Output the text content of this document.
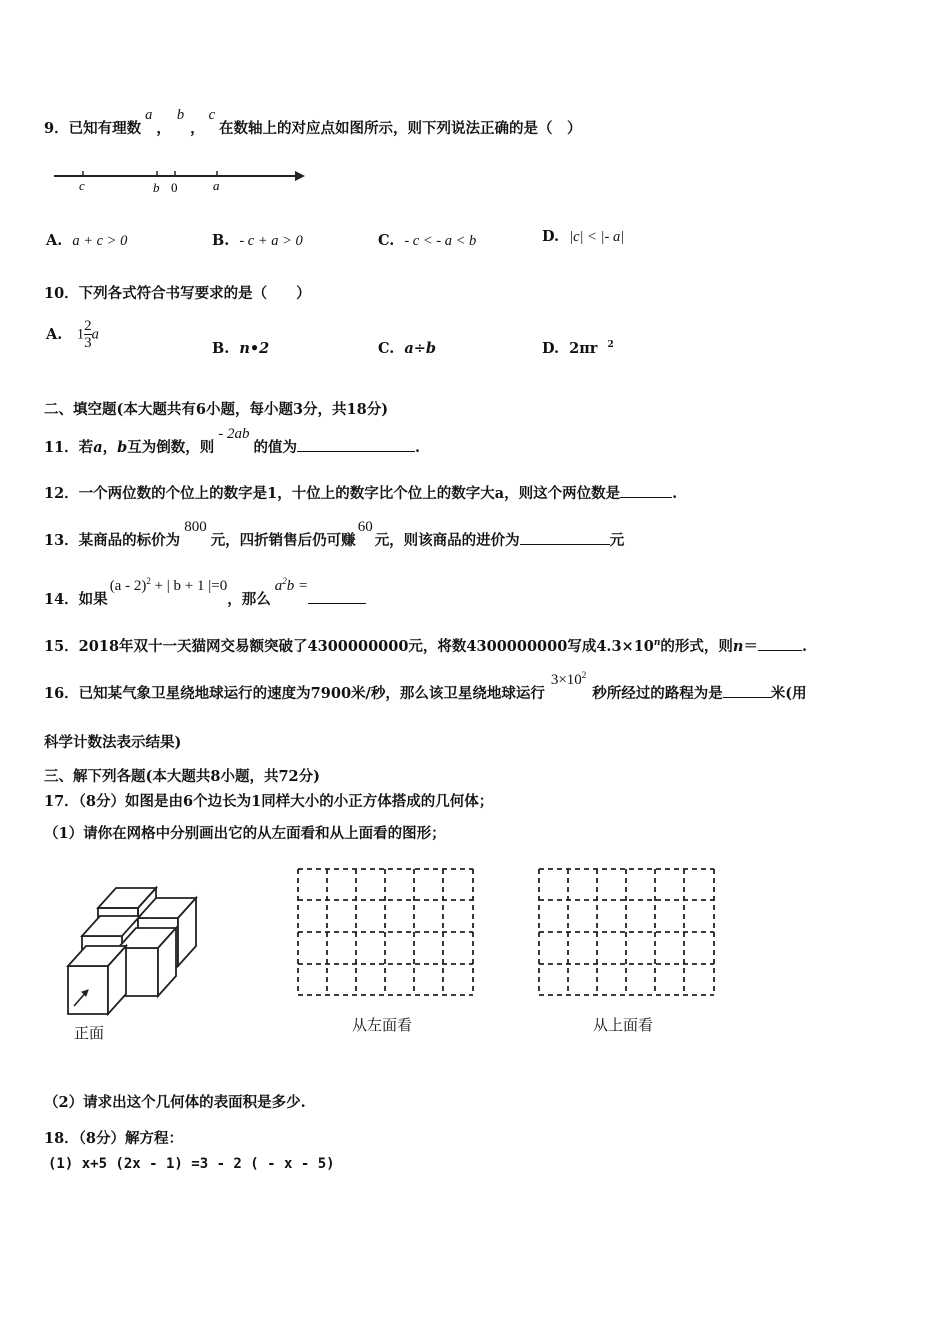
9．已知有理数a，b，c在数轴上的对应点如图所示，则下列说法正确的是（　）
c	b 0	a
A. a + c > 0	B. - c + a > 0	C. - c < - a < b	D. |c| < |- a|
10．下列各式符合书写要求的是（　　）
A. $1 \frac{2}{3}$ a
B. n•2	C. a÷b	D. 2πr $^2$
二、填空题(本大题共有6小题，每小题3分，共18分)
11．若a，b互为倒数，则- 2ab的值为	.
12．一个两位数的个位上的数字是1，十位上的数字比个位上的数字大a，则这个两位数是	.
13．某商品的标价为800元，四折销售后仍可赚60元，则该商品的进价为	元
14．如果(a - 2)$^2$ + | b + 1 |=0，那么$a^2b$ =
15．2018年双十一天猫网交易额突破了4300000000元，将数4300000000写成$4.3\times 10^n$的形式，则n＝	.
16．已知某气象卫星绕地球运行的速度为7900米/秒，那么该卫星绕地球运行$3\times 10^2$秒所经过的路程为是	米(用
科学计数法表示结果)
三、解下列各题(本大题共8小题，共72分)
17．（8分）如图是由6个边长为1同样大小的小正方体搭成的几何体；
（1）请你在网格中分别画出它的从左面看和从上面看的图形；
正面	从左面看	从上面看
（2）请求出这个几何体的表面积是多少.
18．（8分）解方程：
(1) x+5 (2x - 1) =3 - 2 ( - x - 5)
